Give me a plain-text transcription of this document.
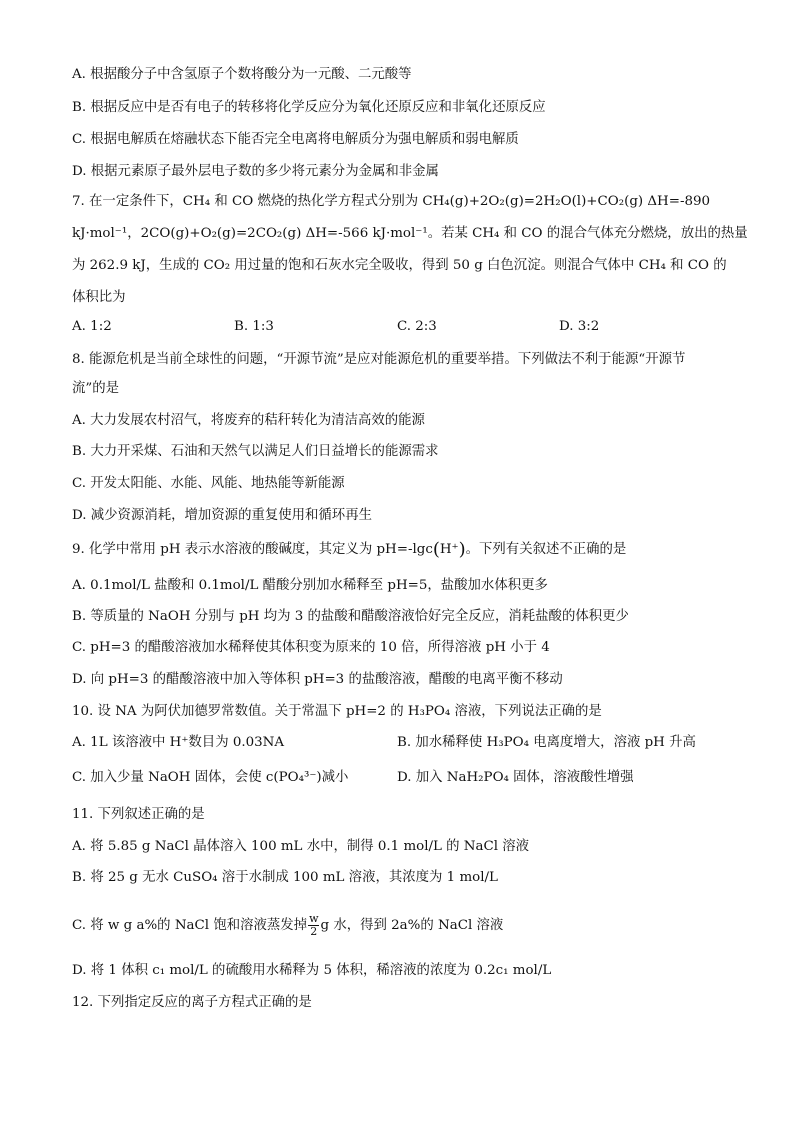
A. 根据酸分子中含氢原子个数将酸分为一元酸、二元酸等
B. 根据反应中是否有电子的转移将化学反应分为氧化还原反应和非氧化还原反应
C. 根据电解质在熔融状态下能否完全电离将电解质分为强电解质和弱电解质
D. 根据元素原子最外层电子数的多少将元素分为金属和非金属
7. 在一定条件下，CH₄ 和 CO 燃烧的热化学方程式分别为 CH₄(g)+2O₂(g)=2H₂O(l)+CO₂(g) ΔH=-890
kJ·mol⁻¹，2CO(g)+O₂(g)=2CO₂(g) ΔH=-566 kJ·mol⁻¹。若某 CH₄ 和 CO 的混合气体充分燃烧，放出的热量
为 262.9 kJ，生成的 CO₂ 用过量的饱和石灰水完全吸收，得到 50 g 白色沉淀。则混合气体中 CH₄ 和 CO 的
体积比为
A. 1:2	B. 1:3	C. 2:3	D. 3:2
8. 能源危机是当前全球性的问题，“开源节流”是应对能源危机的重要举措。下列做法不利于能源“开源节
流”的是
A. 大力发展农村沼气，将废弃的秸秆转化为清洁高效的能源
B. 大力开采煤、石油和天然气以满足人们日益增长的能源需求
C. 开发太阳能、水能、风能、地热能等新能源
D. 减少资源消耗，增加资源的重复使用和循环再生
9. 化学中常用 pH 表示水溶液的酸碱度，其定义为 pH=-lgc(H⁺)。下列有关叙述不正确的是
A. 0.1mol/L 盐酸和 0.1mol/L 醋酸分别加水稀释至 pH=5，盐酸加水体积更多
B. 等质量的 NaOH 分别与 pH 均为 3 的盐酸和醋酸溶液恰好完全反应，消耗盐酸的体积更少
C. pH=3 的醋酸溶液加水稀释使其体积变为原来的 10 倍，所得溶液 pH 小于 4
D. 向 pH=3 的醋酸溶液中加入等体积 pH=3 的盐酸溶液，醋酸的电离平衡不移动
10. 设 NA 为阿伏加德罗常数值。关于常温下 pH=2 的 H₃PO₄ 溶液，下列说法正确的是
A. 1L 该溶液中 H⁺数目为 0.03NA	B. 加水稀释使 H₃PO₄ 电离度增大，溶液 pH 升高
C. 加入少量 NaOH 固体，会使 c(PO₄³⁻)减小	D. 加入 NaH₂PO₄ 固体，溶液酸性增强
11. 下列叙述正确的是
A. 将 5.85 g NaCl 晶体溶入 100 mL 水中，制得 0.1 mol/L 的 NaCl 溶液
B. 将 25 g 无水 CuSO₄ 溶于水制成 100 mL 溶液，其浓度为 1 mol/L
C. 将 w g a%的 NaCl 饱和溶液蒸发掉 $\frac{w}{2}$ g 水，得到 2a%的 NaCl 溶液
D. 将 1 体积 c₁ mol/L 的硫酸用水稀释为 5 体积，稀溶液的浓度为 0.2c₁ mol/L
12. 下列指定反应的离子方程式正确的是
